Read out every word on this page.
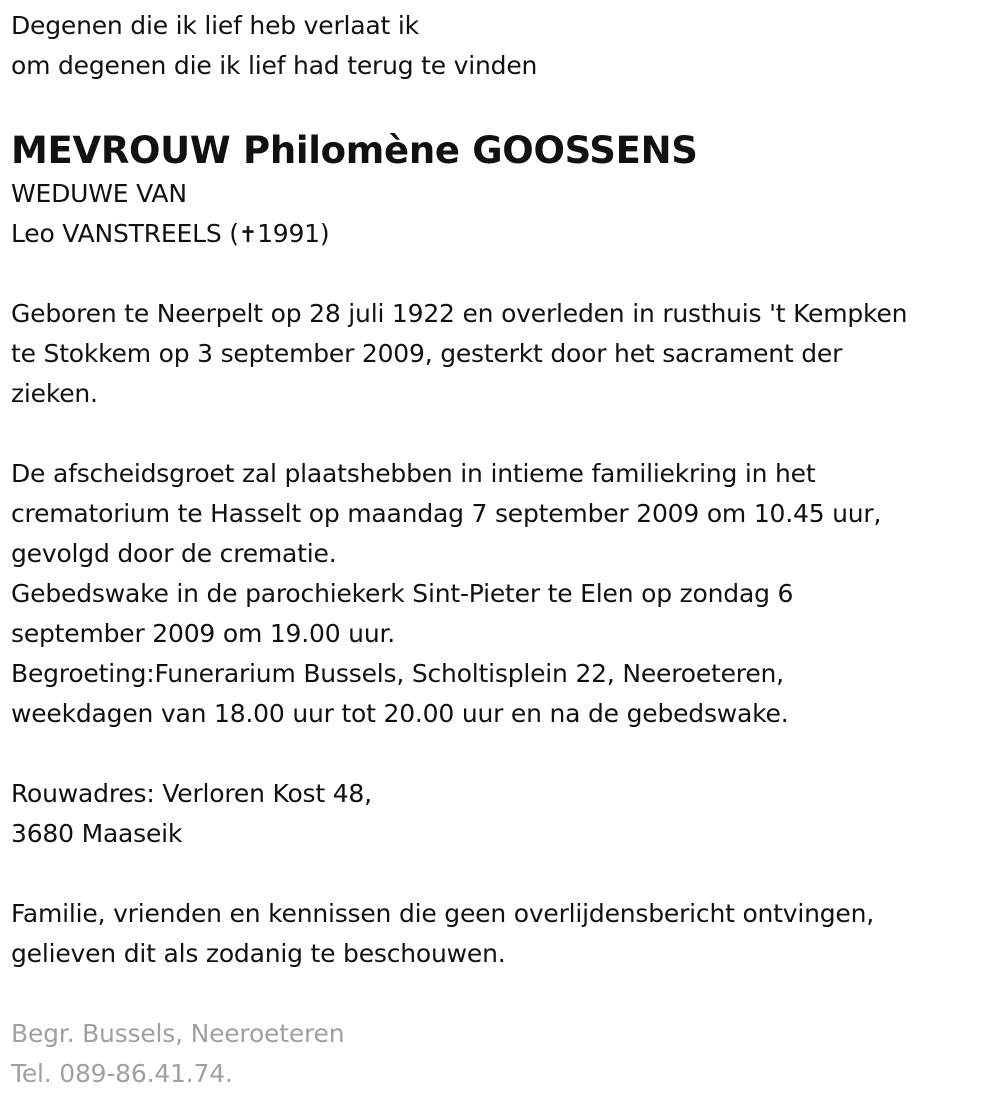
Degenen die ik lief heb verlaat ik
om degenen die ik lief had terug te vinden
MEVROUW Philomène GOOSSENS
WEDUWE VAN
Leo VANSTREELS (✝1991)
Geboren te Neerpelt op 28 juli 1922 en overleden in rusthuis 't Kempken
te Stokkem op 3 september 2009, gesterkt door het sacrament der
zieken.
De afscheidsgroet zal plaatshebben in intieme familiekring in het
crematorium te Hasselt op maandag 7 september 2009 om 10.45 uur,
gevolgd door de crematie.
Gebedswake in de parochiekerk Sint-Pieter te Elen op zondag 6
september 2009 om 19.00 uur.
Begroeting:Funerarium Bussels, Scholtisplein 22, Neeroeteren,
weekdagen van 18.00 uur tot 20.00 uur en na de gebedswake.
Rouwadres: Verloren Kost 48,
3680 Maaseik
Familie, vrienden en kennissen die geen overlijdensbericht ontvingen,
gelieven dit als zodanig te beschouwen.
Begr. Bussels, Neeroeteren
Tel. 089-86.41.74.
